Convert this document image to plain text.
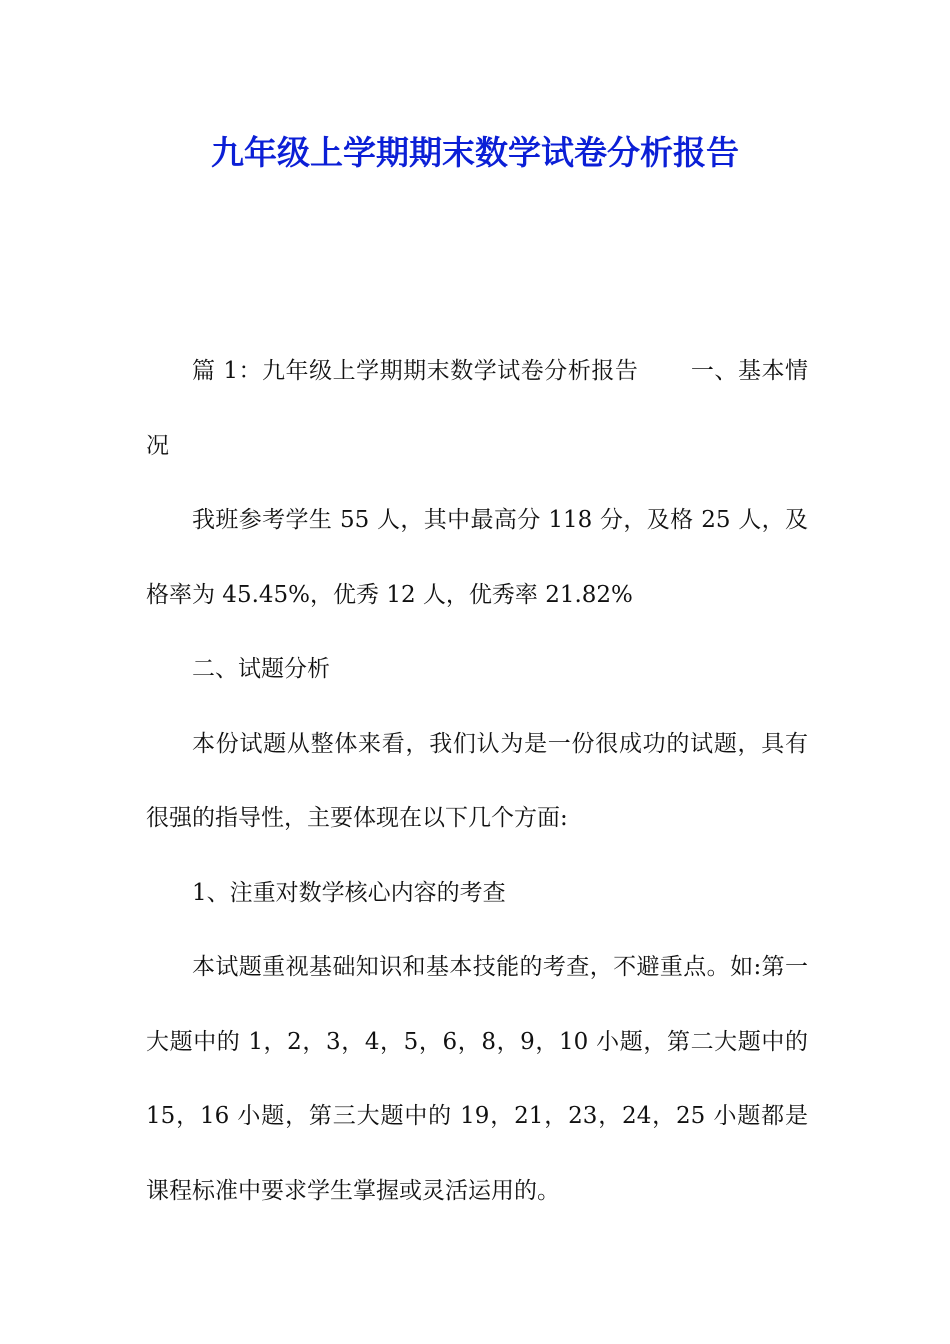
九年级上学期期末数学试卷分析报告

篇 1：九年级上学期期末数学试卷分析报告 一、基本情况

我班参考学生 55 人，其中最高分 118 分，及格 25 人，及格率为 45.45%，优秀 12 人，优秀率 21.82%

二、试题分析

本份试题从整体来看，我们认为是一份很成功的试题，具有很强的指导性，主要体现在以下几个方面:

1、注重对数学核心内容的考查

本试题重视基础知识和基本技能的考查，不避重点。如:第一大题中的 1，2，3，4，5，6，8，9，10 小题，第二大题中的 15，16 小题，第三大题中的 19，21，23，24，25 小题都是课程标准中要求学生掌握或灵活运用的。
